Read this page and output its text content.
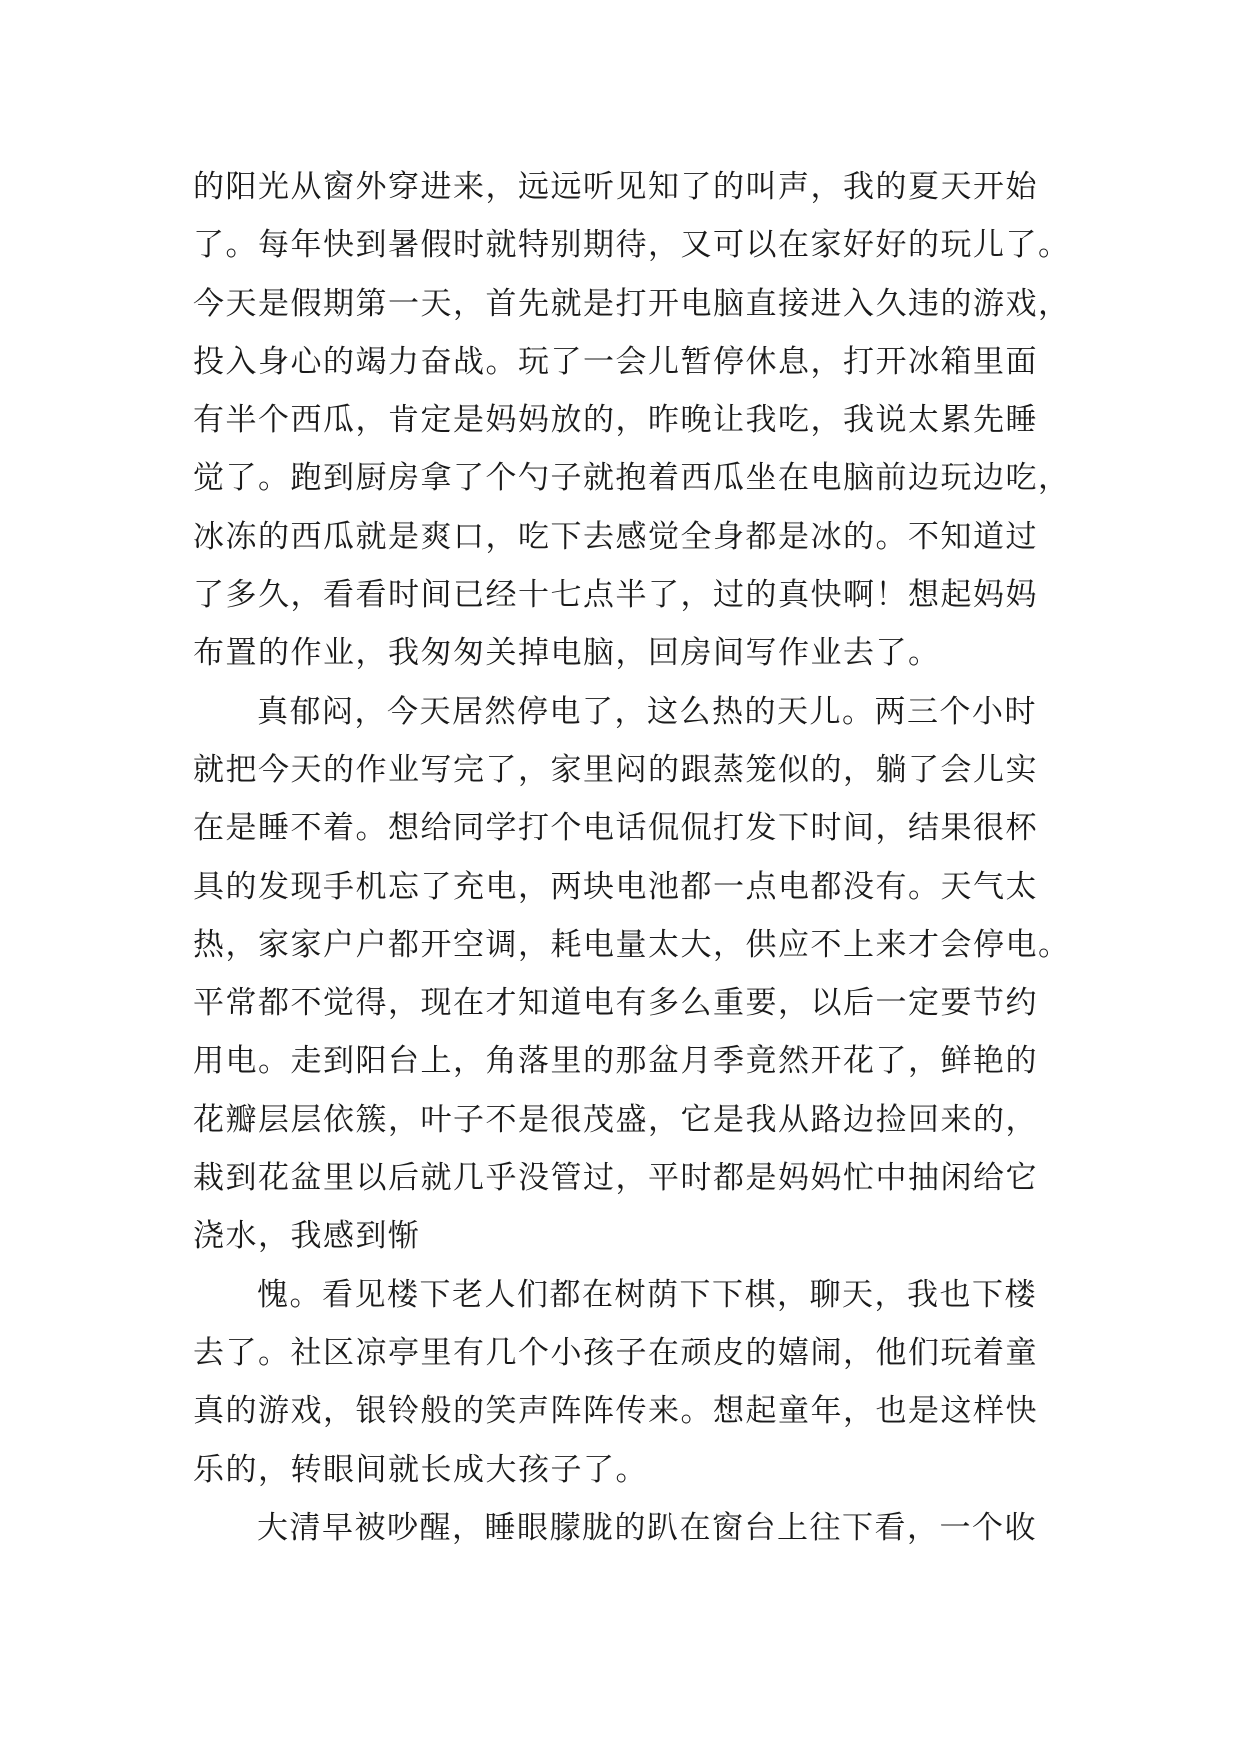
的阳光从窗外穿进来，远远听见知了的叫声，我的夏天开始
了。每年快到暑假时就特别期待，又可以在家好好的玩儿了。
今天是假期第一天，首先就是打开电脑直接进入久违的游戏，
投入身心的竭力奋战。玩了一会儿暂停休息，打开冰箱里面
有半个西瓜，肯定是妈妈放的，昨晚让我吃，我说太累先睡
觉了。跑到厨房拿了个勺子就抱着西瓜坐在电脑前边玩边吃，
冰冻的西瓜就是爽口，吃下去感觉全身都是冰的。不知道过
了多久，看看时间已经十七点半了，过的真快啊！想起妈妈
布置的作业，我匆匆关掉电脑，回房间写作业去了。
真郁闷，今天居然停电了，这么热的天儿。两三个小时
就把今天的作业写完了，家里闷的跟蒸笼似的，躺了会儿实
在是睡不着。想给同学打个电话侃侃打发下时间，结果很杯
具的发现手机忘了充电，两块电池都一点电都没有。天气太
热，家家户户都开空调，耗电量太大，供应不上来才会停电。
平常都不觉得，现在才知道电有多么重要，以后一定要节约
用电。走到阳台上，角落里的那盆月季竟然开花了，鲜艳的
花瓣层层依簇，叶子不是很茂盛，它是我从路边捡回来的，
栽到花盆里以后就几乎没管过，平时都是妈妈忙中抽闲给它
浇水，我感到惭
愧。看见楼下老人们都在树荫下下棋，聊天，我也下楼
去了。社区凉亭里有几个小孩子在顽皮的嬉闹，他们玩着童
真的游戏，银铃般的笑声阵阵传来。想起童年，也是这样快
乐的，转眼间就长成大孩子了。
大清早被吵醒，睡眼朦胧的趴在窗台上往下看，一个收
